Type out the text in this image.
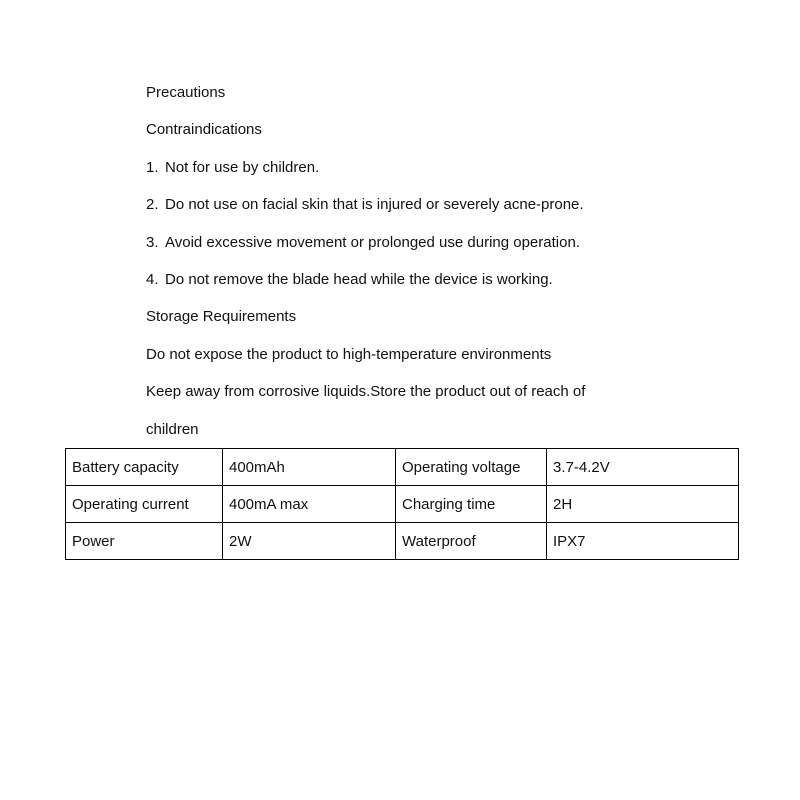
Precautions
Contraindications
1. Not for use by children.
2. Do not use on facial skin that is injured or severely acne-prone.
3. Avoid excessive movement or prolonged use during operation.
4. Do not remove the blade head while the device is working.
Storage Requirements
Do not expose the product to high-temperature environments
Keep away from corrosive liquids.Store the product out of reach of
children
Battery capacity	400mAh	Operating voltage	3.7-4.2V
Operating current	400mA max	Charging time	2H
Power	2W	Waterproof	IPX7
